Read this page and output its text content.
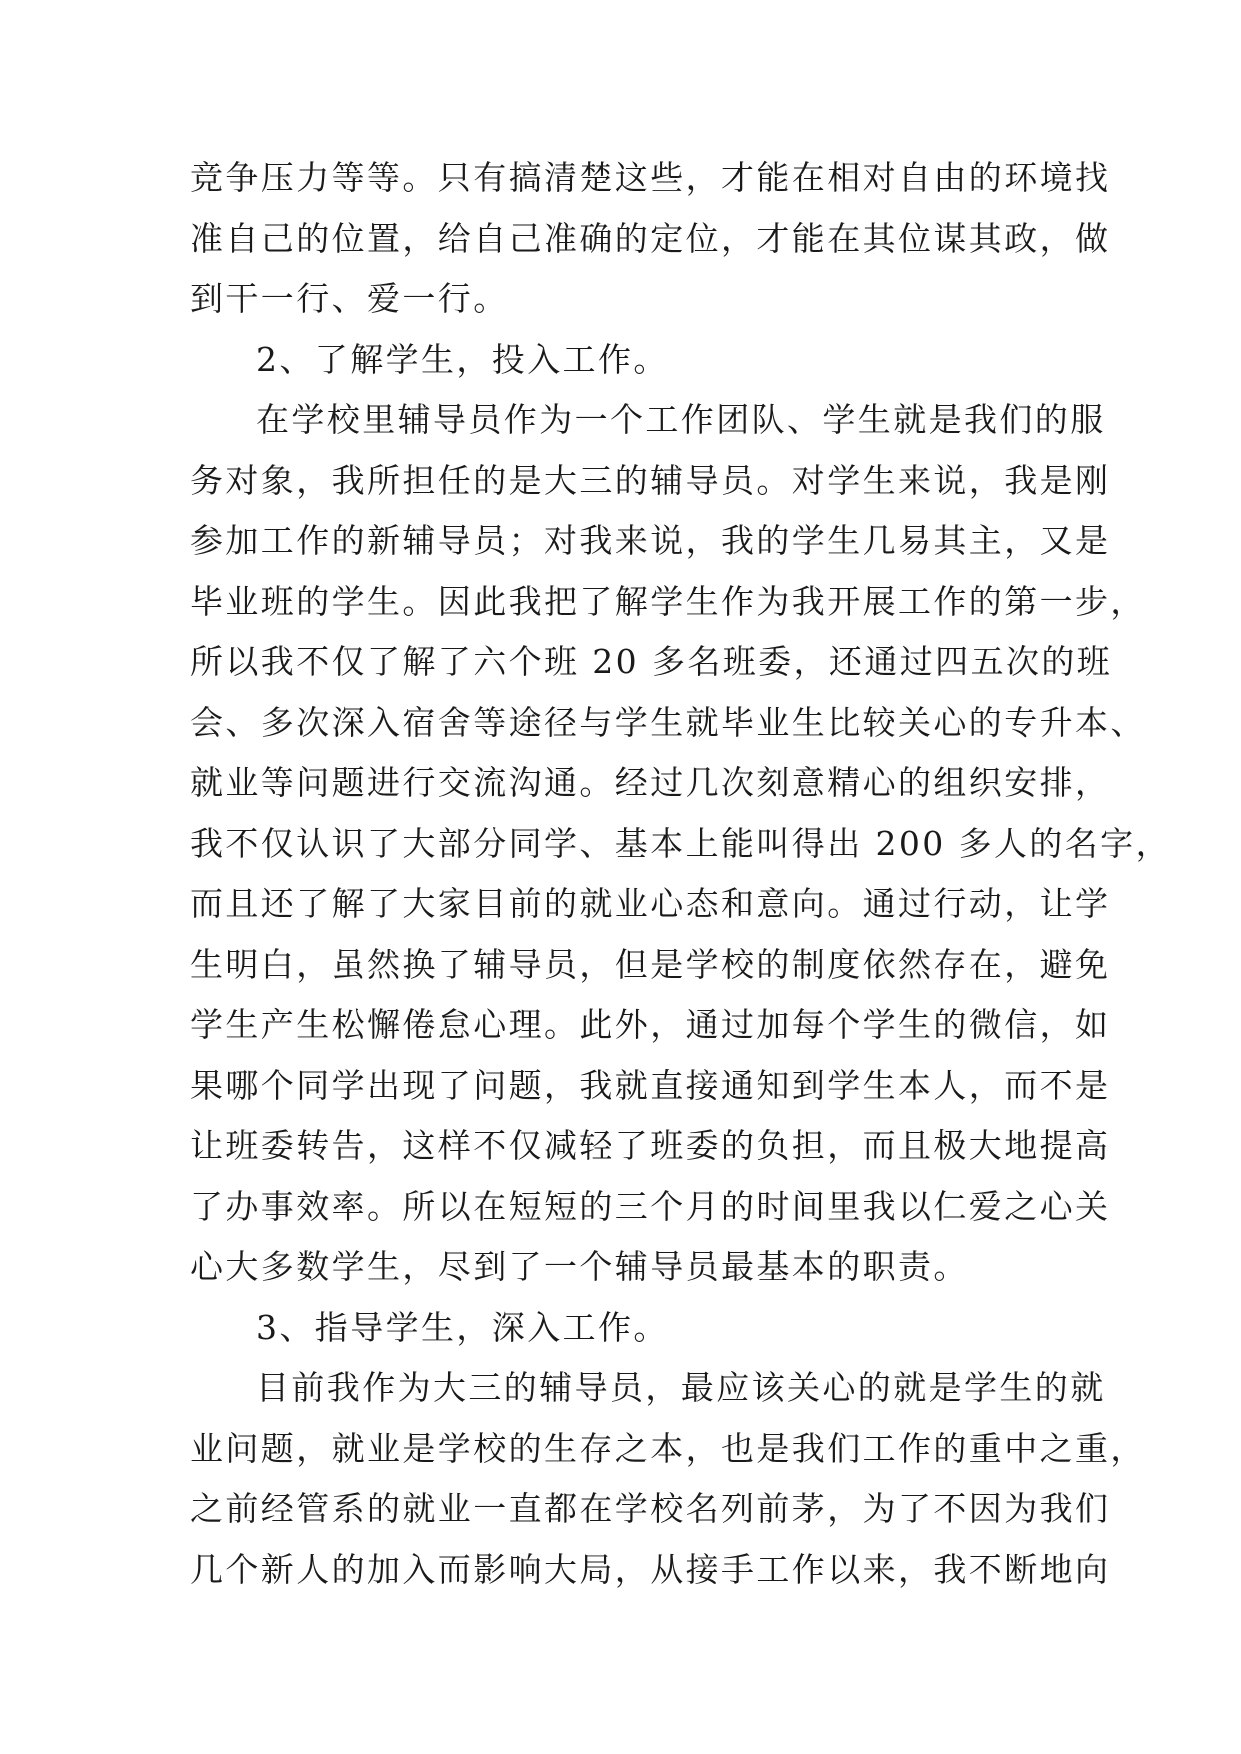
竞争压力等等。只有搞清楚这些，才能在相对自由的环境找
准自己的位置，给自己准确的定位，才能在其位谋其政，做
到干一行、爱一行。
2、了解学生，投入工作。
在学校里辅导员作为一个工作团队、学生就是我们的服
务对象，我所担任的是大三的辅导员。对学生来说，我是刚
参加工作的新辅导员；对我来说，我的学生几易其主，又是
毕业班的学生。因此我把了解学生作为我开展工作的第一步，
所以我不仅了解了六个班 20 多名班委，还通过四五次的班
会、多次深入宿舍等途径与学生就毕业生比较关心的专升本、
就业等问题进行交流沟通。经过几次刻意精心的组织安排，
我不仅认识了大部分同学、基本上能叫得出 200 多人的名字，
而且还了解了大家目前的就业心态和意向。通过行动，让学
生明白，虽然换了辅导员，但是学校的制度依然存在，避免
学生产生松懈倦怠心理。此外，通过加每个学生的微信，如
果哪个同学出现了问题，我就直接通知到学生本人，而不是
让班委转告，这样不仅减轻了班委的负担，而且极大地提高
了办事效率。所以在短短的三个月的时间里我以仁爱之心关
心大多数学生，尽到了一个辅导员最基本的职责。
3、指导学生，深入工作。
目前我作为大三的辅导员，最应该关心的就是学生的就
业问题，就业是学校的生存之本，也是我们工作的重中之重，
之前经管系的就业一直都在学校名列前茅，为了不因为我们
几个新人的加入而影响大局，从接手工作以来，我不断地向
